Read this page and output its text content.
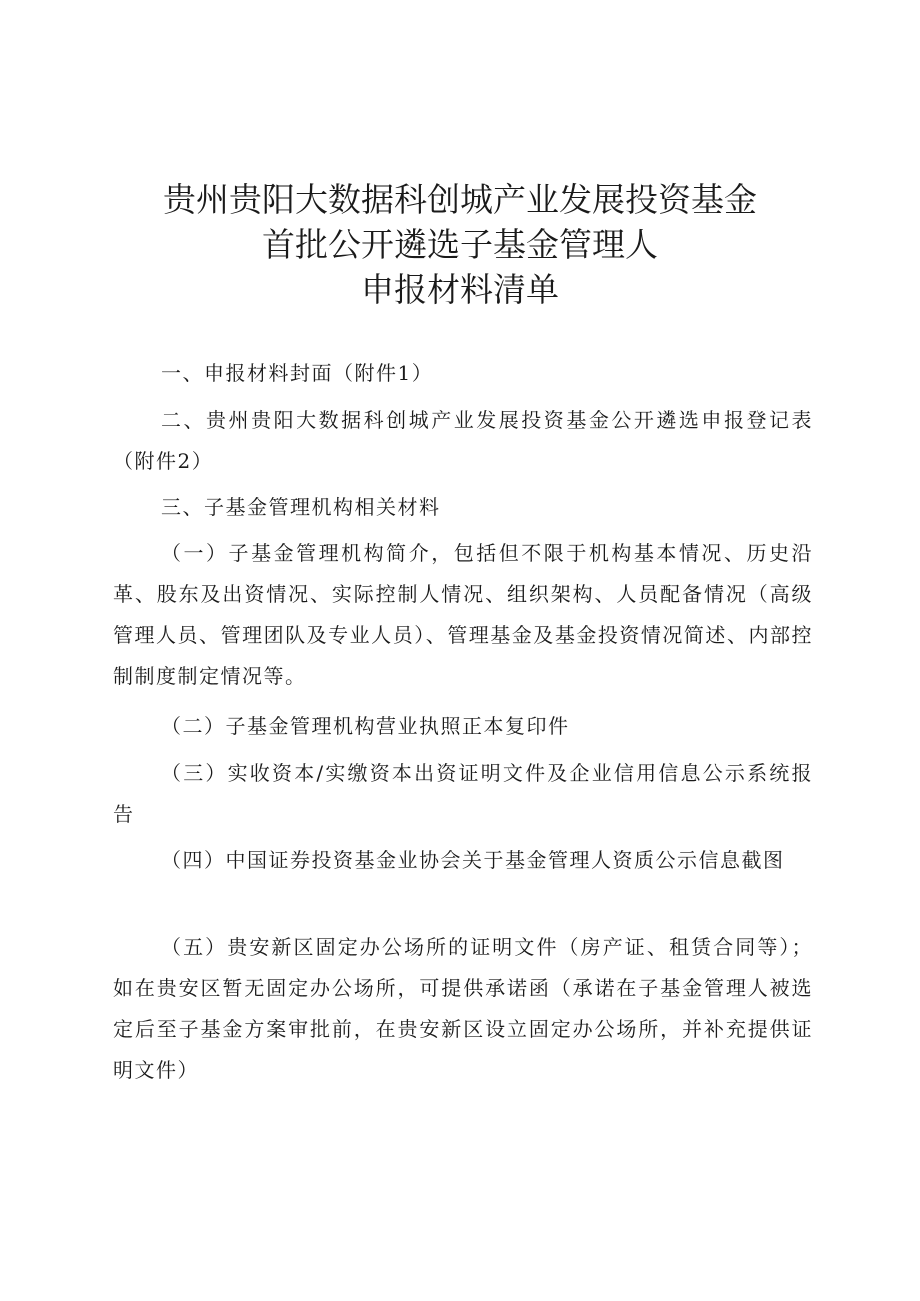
贵州贵阳大数据科创城产业发展投资基金
首批公开遴选子基金管理人
申报材料清单

一、申报材料封面（附件1）

二、贵州贵阳大数据科创城产业发展投资基金公开遴选申报登记表（附件2）

三、子基金管理机构相关材料

（一）子基金管理机构简介，包括但不限于机构基本情况、历史沿革、股东及出资情况、实际控制人情况、组织架构、人员配备情况（高级管理人员、管理团队及专业人员）、管理基金及基金投资情况简述、内部控制制度制定情况等。

（二）子基金管理机构营业执照正本复印件

（三）实收资本/实缴资本出资证明文件及企业信用信息公示系统报告

（四）中国证券投资基金业协会关于基金管理人资质公示信息截图

（五）贵安新区固定办公场所的证明文件（房产证、租赁合同等）；如在贵安区暂无固定办公场所，可提供承诺函（承诺在子基金管理人被选定后至子基金方案审批前，在贵安新区设立固定办公场所，并补充提供证明文件）
